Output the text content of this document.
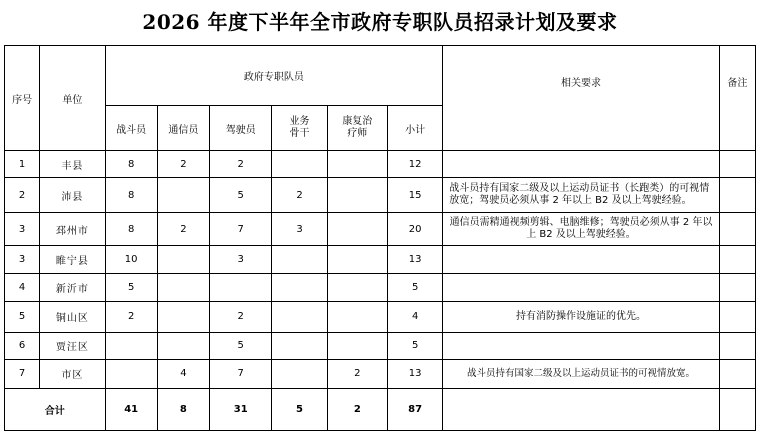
2026 年度下半年全市政府专职队员招录计划及要求
序号	单位	政府专职队员						相关要求	备注
		战斗员	通信员	驾驶员	业务骨干	康复治疗师	小计		
1	丰县	8	2	2			12		
2	沛县	8		5	2		15	战斗员持有国家二级及以上运动员证书（长跑类）的可视情放宽；驾驶员必须从事 2 年以上 B2 及以上驾驶经验。	
3	邳州市	8	2	7	3		20	通信员需精通视频剪辑、电脑维修；驾驶员必须从事 2 年以上 B2 及以上驾驶经验。	
3	睢宁县	10		3			13		
4	新沂市	5					5		
5	铜山区	2		2			4	持有消防操作设施证的优先。	
6	贾汪区			5			5		
7	市区		4	7		2	13	战斗员持有国家二级及以上运动员证书的可视情放宽。	
合计		41	8	31	5	2	87		
